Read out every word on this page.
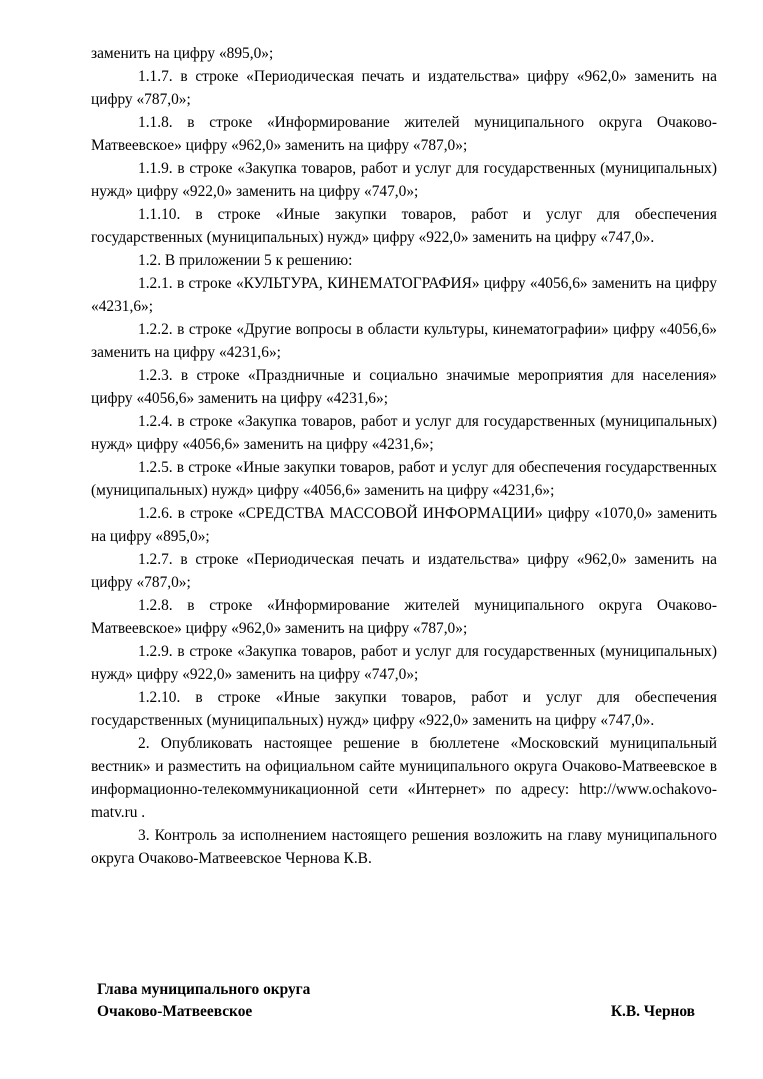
заменить на цифру «895,0»;

1.1.7. в строке «Периодическая печать и издательства» цифру «962,0» заменить на цифру «787,0»;

1.1.8. в строке «Информирование жителей муниципального округа Очаково-Матвеевское» цифру «962,0» заменить на цифру «787,0»;

1.1.9. в строке «Закупка товаров, работ и услуг для государственных (муниципальных) нужд» цифру «922,0» заменить на цифру «747,0»;

1.1.10. в строке «Иные закупки товаров, работ и услуг для обеспечения государственных (муниципальных) нужд» цифру «922,0» заменить на цифру «747,0».

1.2. В приложении 5 к решению:

1.2.1. в строке «КУЛЬТУРА, КИНЕМАТОГРАФИЯ» цифру «4056,6» заменить на цифру «4231,6»;

1.2.2. в строке «Другие вопросы в области культуры, кинематографии» цифру «4056,6» заменить на цифру «4231,6»;

1.2.3. в строке «Праздничные и социально значимые мероприятия для населения» цифру «4056,6» заменить на цифру «4231,6»;

1.2.4. в строке «Закупка товаров, работ и услуг для государственных (муниципальных) нужд» цифру «4056,6» заменить на цифру «4231,6»;

1.2.5. в строке «Иные закупки товаров, работ и услуг для обеспечения государственных (муниципальных) нужд» цифру «4056,6» заменить на цифру «4231,6»;

1.2.6. в строке «СРЕДСТВА МАССОВОЙ ИНФОРМАЦИИ» цифру «1070,0» заменить на цифру «895,0»;

1.2.7. в строке «Периодическая печать и издательства» цифру «962,0» заменить на цифру «787,0»;

1.2.8. в строке «Информирование жителей муниципального округа Очаково-Матвеевское» цифру «962,0» заменить на цифру «787,0»;

1.2.9. в строке «Закупка товаров, работ и услуг для государственных (муниципальных) нужд» цифру «922,0» заменить на цифру «747,0»;

1.2.10. в строке «Иные закупки товаров, работ и услуг для обеспечения государственных (муниципальных) нужд» цифру «922,0» заменить на цифру «747,0».

2. Опубликовать настоящее решение в бюллетене «Московский муниципальный вестник» и разместить на официальном сайте муниципального округа Очаково-Матвеевское в информационно-телекоммуникационной сети «Интернет» по адресу: http://www.ochakovo-matv.ru .

3. Контроль за исполнением настоящего решения возложить на главу муниципального округа Очаково-Матвеевское Чернова К.В.

Глава муниципального округа
Очаково-Матвеевское	К.В. Чернов
